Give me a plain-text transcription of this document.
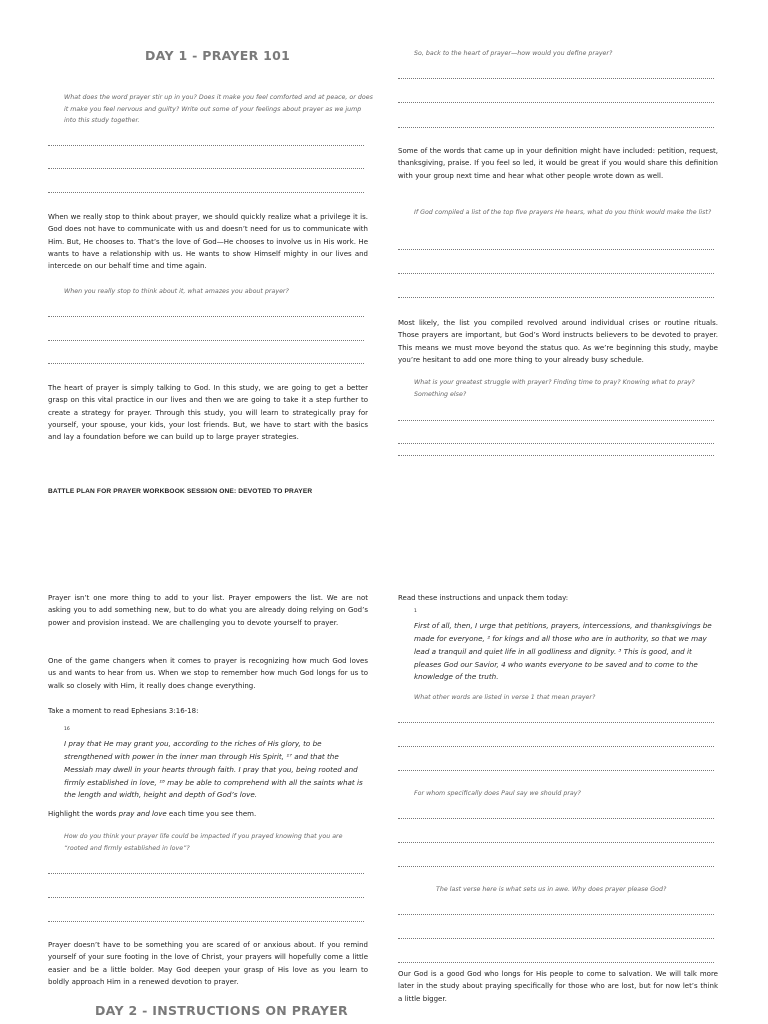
DAY 1 - PRAYER 101
What does the word prayer stir up in you? Does it make you feel comforted and at peace, or does it make you feel nervous and guilty? Write out some of your feelings about prayer as we jump into this study together.
When we really stop to think about prayer, we should quickly realize what a privilege it is. God does not have to communicate with us and doesn’t need for us to communicate with Him. But, He chooses to. That’s the love of God—He chooses to involve us in His work. He wants to have a relationship with us. He wants to show Himself mighty in our lives and intercede on our behalf time and time again.
When you really stop to think about it, what amazes you about prayer?
The heart of prayer is simply talking to God. In this study, we are going to get a better grasp on this vital practice in our lives and then we are going to take it a step further to create a strategy for prayer. Through this study, you will learn to strategically pray for yourself, your spouse, your kids, your lost friends. But, we have to start with the basics and lay a foundation before we can build up to large prayer strategies.
BATTLE PLAN FOR PRAYER WORKBOOK SESSION ONE: DEVOTED TO PRAYER
So, back to the heart of prayer—how would you define prayer?
Some of the words that came up in your definition might have included: petition, request, thanksgiving, praise. If you feel so led, it would be great if you would share this definition with your group next time and hear what other people wrote down as well.
If God compiled a list of the top five prayers He hears, what do you think would make the list?
Most likely, the list you compiled revolved around individual crises or routine rituals. Those prayers are important, but God’s Word instructs believers to be devoted to prayer. This means we must move beyond the status quo. As we’re beginning this study, maybe you’re hesitant to add one more thing to your already busy schedule.
What is your greatest struggle with prayer? Finding time to pray? Knowing what to pray? Something else?
Prayer isn’t one more thing to add to your list. Prayer empowers the list. We are not asking you to add something new, but to do what you are already doing relying on God’s power and provision instead. We are challenging you to devote yourself to prayer.
One of the game changers when it comes to prayer is recognizing how much God loves us and wants to hear from us. When we stop to remember how much God longs for us to walk so closely with Him, it really does change everything.
Take a moment to read Ephesians 3:16-18:
$^{16}$
I pray that He may grant you, according to the riches of His glory, to be strengthened with power in the inner man through His Spirit, ¹⁷ and that the Messiah may dwell in your hearts through faith. I pray that you, being rooted and firmly established in love, ¹⁸ may be able to comprehend with all the saints what is the length and width, height and depth of God’s love.
Highlight the words pray and love each time you see them.
How do you think your prayer life could be impacted if you prayed knowing that you are “rooted and firmly established in love”?
Prayer doesn’t have to be something you are scared of or anxious about. If you remind yourself of your sure footing in the love of Christ, your prayers will hopefully come a little easier and be a little bolder. May God deepen your grasp of His love as you learn to boldly approach Him in a renewed devotion to prayer.
DAY 2 - INSTRUCTIONS ON PRAYER
Read these instructions and unpack them today:
$^1$
First of all, then, I urge that petitions, prayers, intercessions, and thanksgivings be made for everyone, ² for kings and all those who are in authority, so that we may lead a tranquil and quiet life in all godliness and dignity. ³ This is good, and it pleases God our Savior, 4 who wants everyone to be saved and to come to the knowledge of the truth.
What other words are listed in verse 1 that mean prayer?
For whom specifically does Paul say we should pray?
The last verse here is what sets us in awe. Why does prayer please God?
Our God is a good God who longs for His people to come to salvation. We will talk more later in the study about praying specifically for those who are lost, but for now let’s think a little bigger.
